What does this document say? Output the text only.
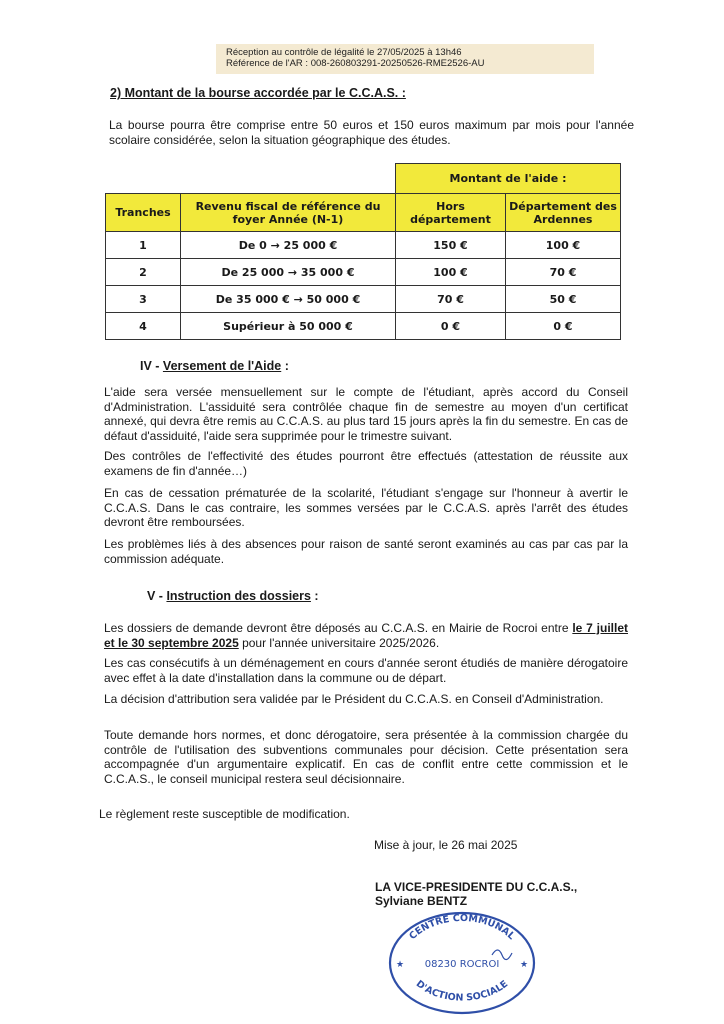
Réception au contrôle de légalité le 27/05/2025 à 13h46
Référence de l'AR : 008-260803291-20250526-RME2526-AU
2) Montant de la bourse accordée par le C.C.A.S. :
La bourse pourra être comprise entre 50 euros et 150 euros maximum par mois pour l'année scolaire considérée, selon la situation géographique des études.
		Montant de l'aide :	
Tranches	Revenu fiscal de référence du foyer Année (N-1)	Hors département	Département des Ardennes
1	De 0 → 25 000 €	150 €	100 €
2	De 25 000 → 35 000 €	100 €	70 €
3	De 35 000 € → 50 000 €	70 €	50 €
4	Supérieur à 50 000 €	0 €	0 €
IV - Versement de l'Aide :
L'aide sera versée mensuellement sur le compte de l'étudiant, après accord du Conseil d'Administration. L'assiduité sera contrôlée chaque fin de semestre au moyen d'un certificat annexé, qui devra être remis au C.C.A.S. au plus tard 15 jours après la fin du semestre. En cas de défaut d'assiduité, l'aide sera supprimée pour le trimestre suivant.
Des contrôles de l'effectivité des études pourront être effectués (attestation de réussite aux examens de fin d'année…)
En cas de cessation prématurée de la scolarité, l'étudiant s'engage sur l'honneur à avertir le C.C.A.S. Dans le cas contraire, les sommes versées par le C.C.A.S. après l'arrêt des études devront être remboursées.
Les problèmes liés à des absences pour raison de santé seront examinés au cas par cas par la commission adéquate.
V - Instruction des dossiers :
Les dossiers de demande devront être déposés au C.C.A.S. en Mairie de Rocroi entre le 7 juillet et le 30 septembre 2025 pour l'année universitaire 2025/2026.
Les cas consécutifs à un déménagement en cours d'année seront étudiés de manière dérogatoire avec effet à la date d'installation dans la commune ou de départ.
La décision d'attribution sera validée par le Président du C.C.A.S. en Conseil d'Administration.
Toute demande hors normes, et donc dérogatoire, sera présentée à la commission chargée du contrôle de l'utilisation des subventions communales pour décision. Cette présentation sera accompagnée d'un argumentaire explicatif. En cas de conflit entre cette commission et le C.C.A.S., le conseil municipal restera seul décisionnaire.
Le règlement reste susceptible de modification.
Mise à jour, le 26 mai 2025
LA VICE-PRESIDENTE DU C.C.A.S.,
Sylviane BENTZ
CENTRE COMMUNAL
08230 ROCROI
D'ACTION SOCIALE
★	★
